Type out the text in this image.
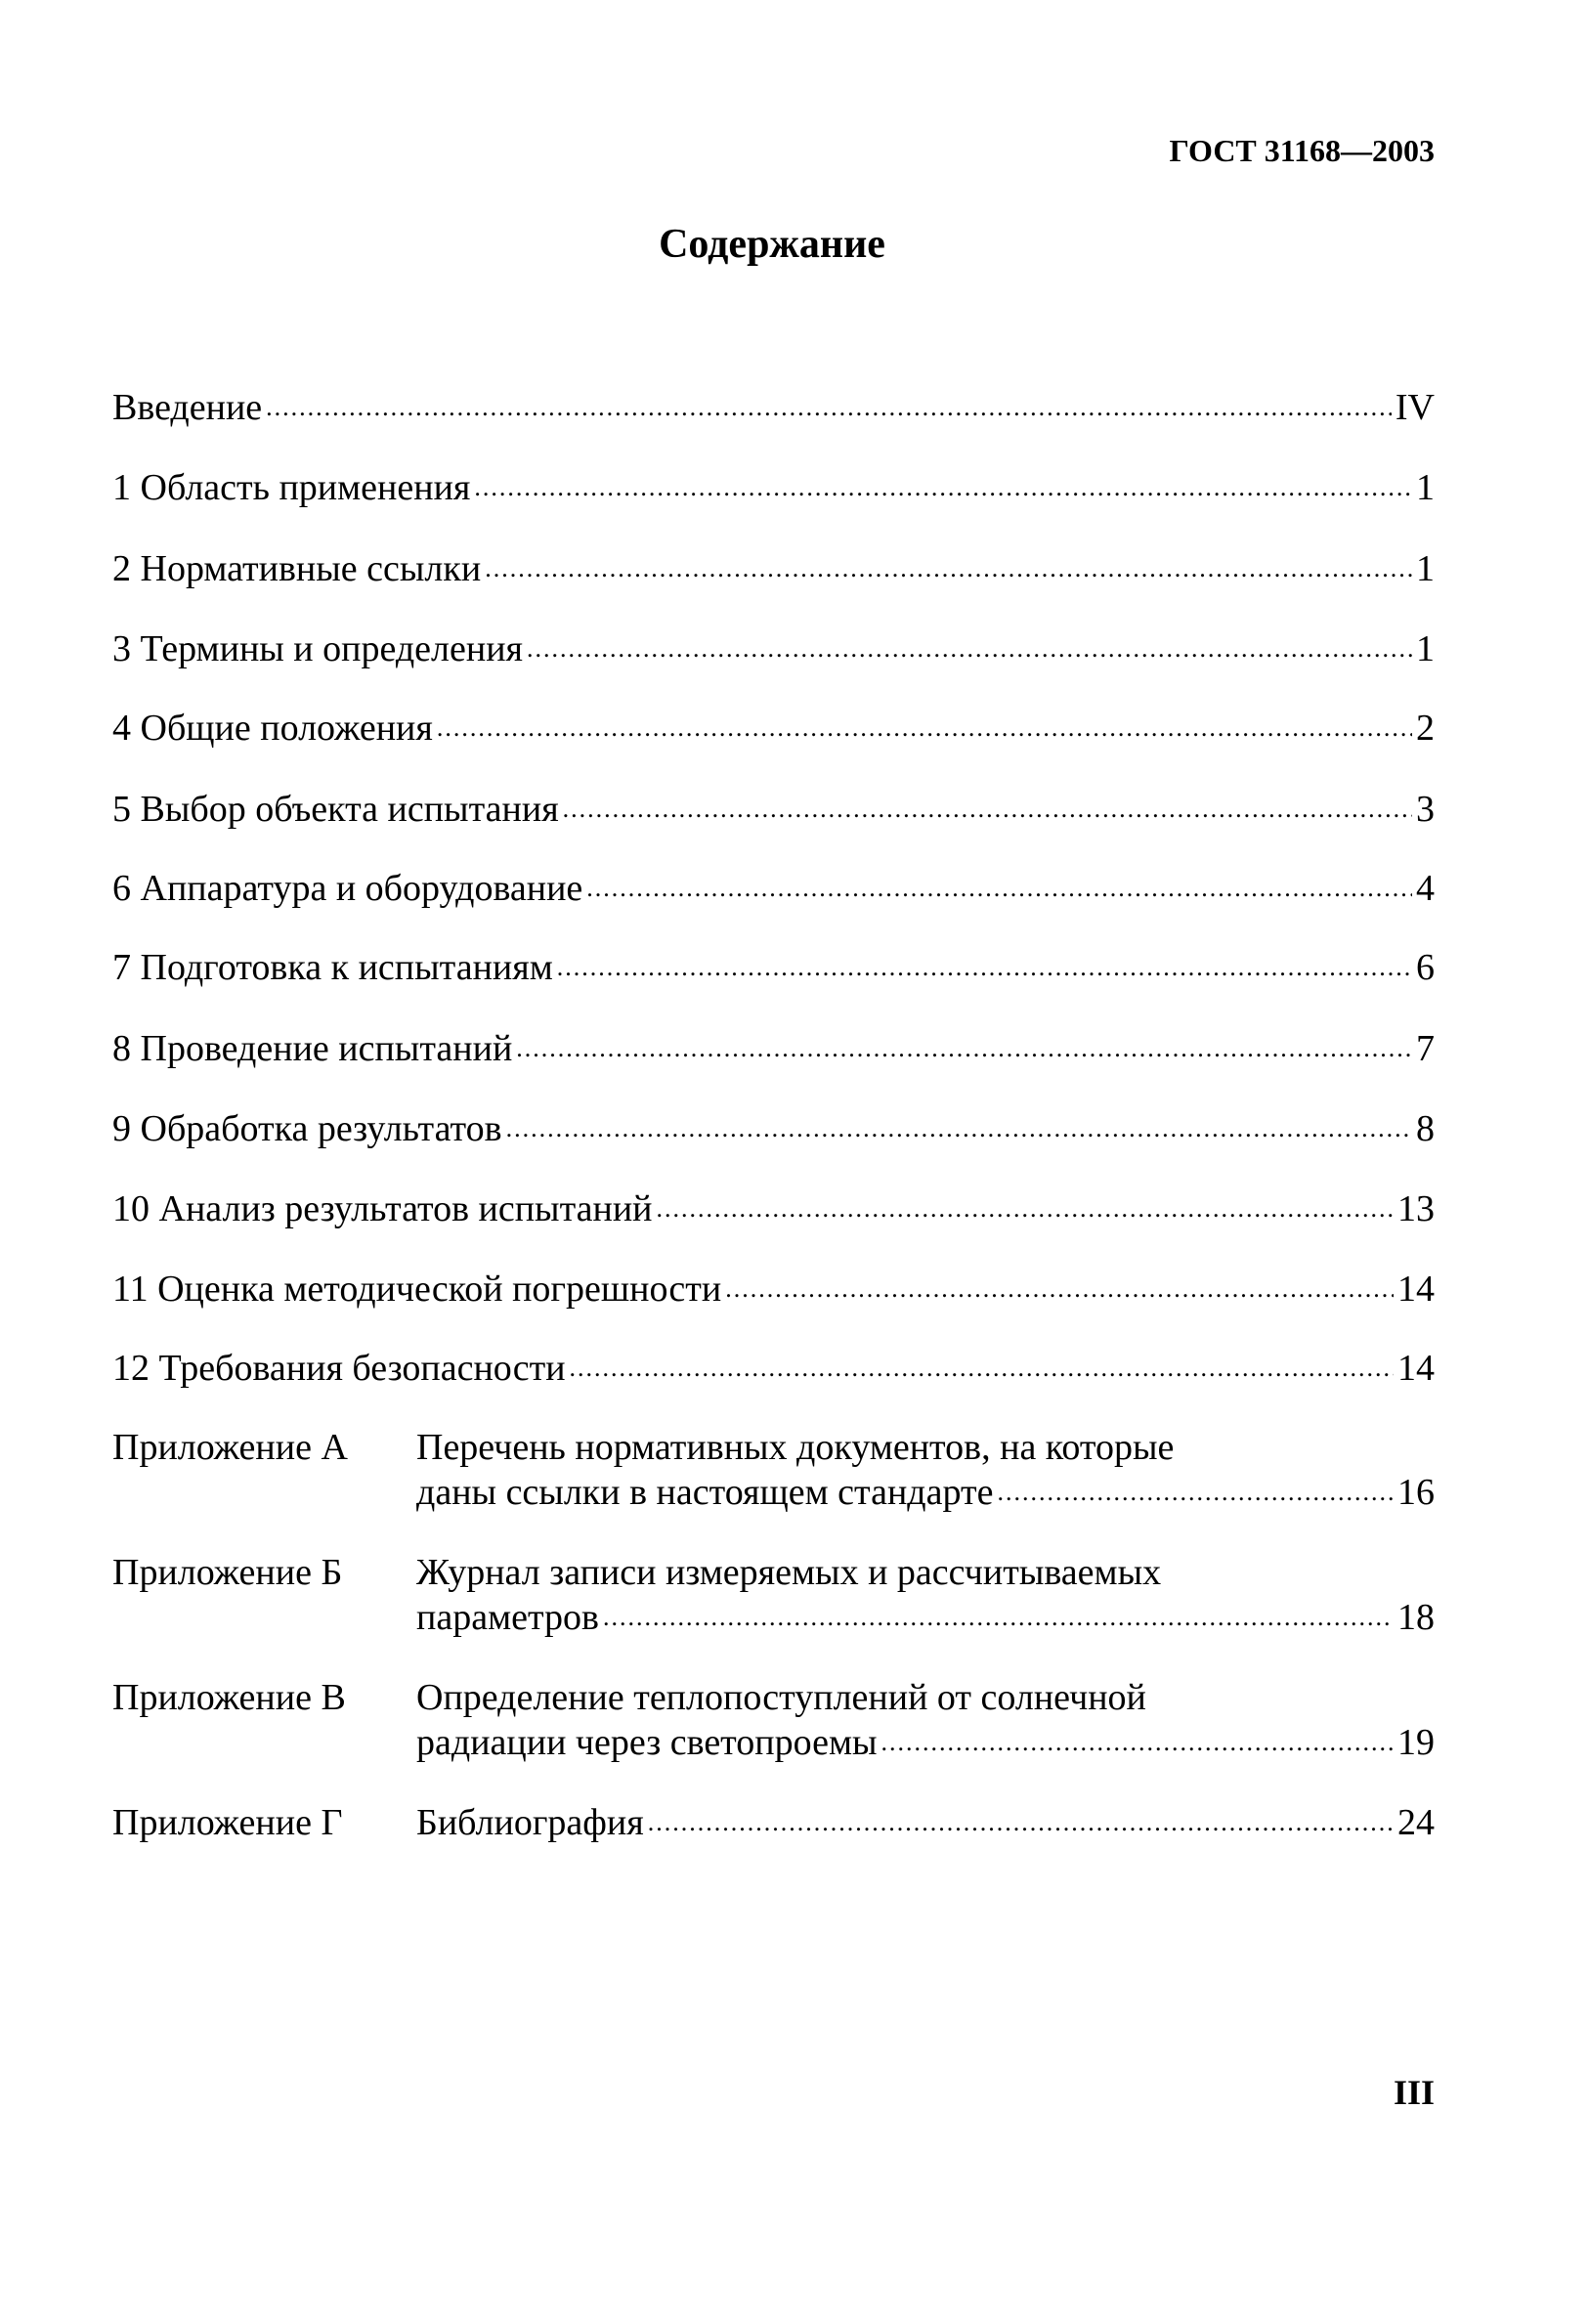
ГОСТ 31168—2003
Содержание
Введение .....	IV
1 Область применения .....	1
2 Нормативные ссылки .....	1
3 Термины и определения .....	1
4 Общие положения .....	2
5 Выбор объекта испытания .....	3
6 Аппаратура и оборудование .....	4
7 Подготовка к испытаниям .....	6
8 Проведение испытаний .....	7
9 Обработка результатов .....	8
10 Анализ результатов испытаний .....	13
11 Оценка методической погрешности .....	14
12 Требования безопасности .....	14
Приложение А Перечень нормативных документов, на которые
даны ссылки в настоящем стандарте .....	16
Приложение Б Журнал записи измеряемых и рассчитываемых
параметров .....	18
Приложение В Определение теплопоступлений от солнечной
радиации через светопроемы .....	19
Приложение Г Библиография .....	24
III
